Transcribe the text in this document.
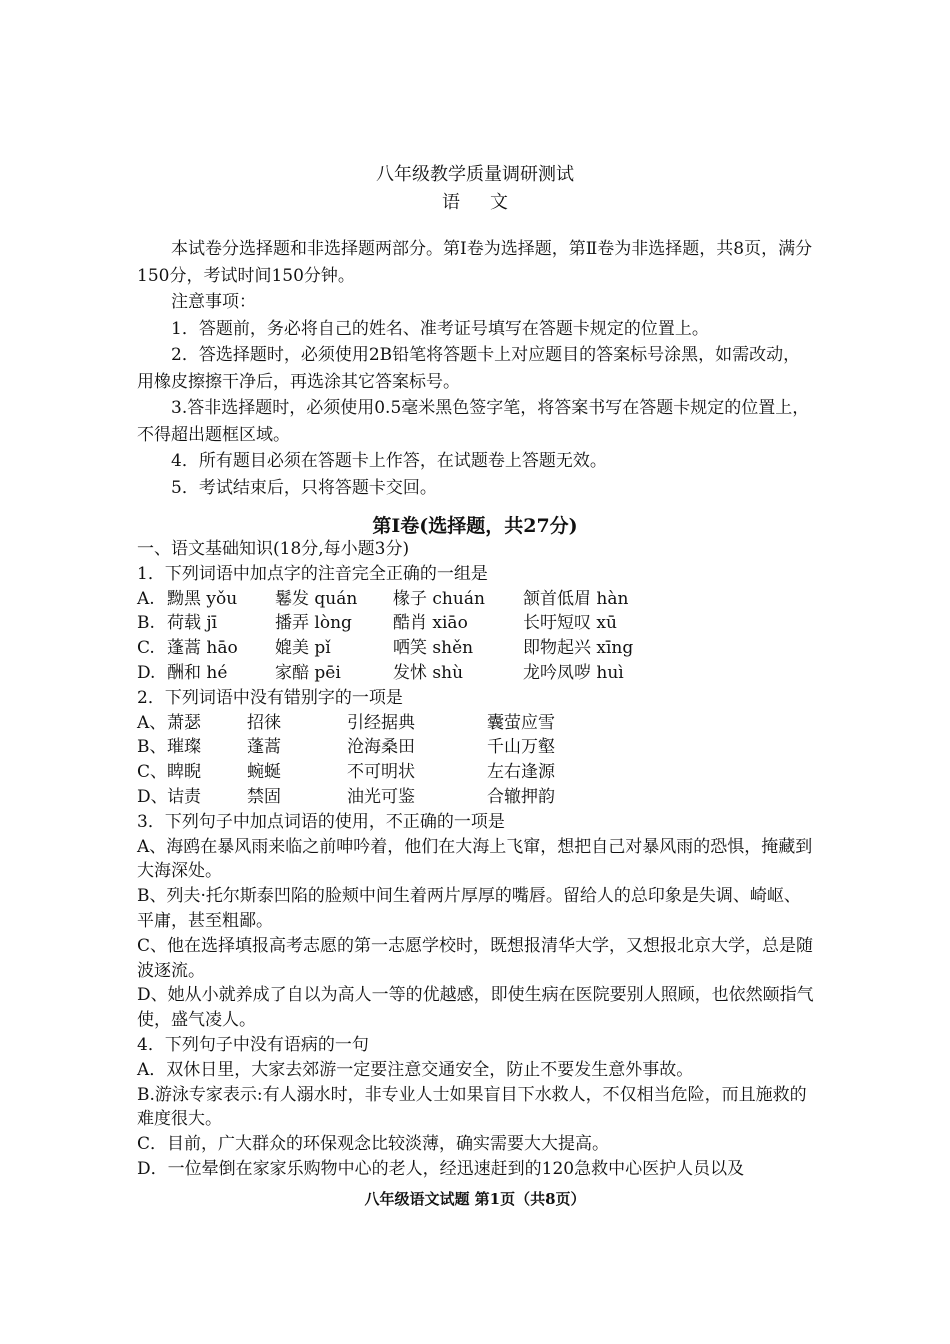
八年级教学质量调研测试
语文

本试卷分选择题和非选择题两部分。第Ⅰ卷为选择题，第Ⅱ卷为非选择题，共8页，满分150分，考试时间150分钟。

注意事项：

1．答题前，务必将自己的姓名、准考证号填写在答题卡规定的位置上。

2．答选择题时，必须使用2B铅笔将答题卡上对应题目的答案标号涂黑，如需改动，用橡皮擦擦干净后，再选涂其它答案标号。

3.答非选择题时，必须使用0.5毫米黑色签字笔，将答案书写在答题卡规定的位置上，不得超出题框区域。

4．所有题目必须在答题卡上作答，在试题卷上答题无效。

5．考试结束后，只将答题卡交回。

第Ⅰ卷(选择题，共27分)

一、语文基础知识(18分,每小题3分)

1．下列词语中加点字的注音完全正确的一组是

A. 黝黑 yǒu	鬈发 quán	椽子 chuán	颔首低眉 hàn

B. 荷载 jī	播弄 lòng	酷肖 xiāo	长吁短叹 xū

C. 蓬蒿 hāo	媲美 pǐ	哂笑 shěn	即物起兴 xīng

D. 酬和 hé	家醅 pēi	发怵 shù	龙吟凤哕 huì

2．下列词语中没有错别字的一项是

A、 萧瑟	招徕	引经据典	囊萤应雪

B、 璀璨	蓬蒿	沧海桑田	千山万壑

C、 睥睨	蜿蜒	不可明状	左右逢源

D、 诘责	禁固	油光可鉴	合辙押韵

3．下列句子中加点词语的使用，不正确的一项是

A、海鸥在暴风雨来临之前呻吟着，他们在大海上飞窜，想把自己对暴风雨的恐惧，掩藏到大海深处。

B、列夫·托尔斯泰凹陷的脸颊中间生着两片厚厚的嘴唇。留给人的总印象是失调、崎岖、平庸，甚至粗鄙。

C、他在选择填报高考志愿的第一志愿学校时，既想报清华大学，又想报北京大学，总是随波逐流。

D、她从小就养成了自以为高人一等的优越感，即使生病在医院要别人照顾，也依然颐指气使，盛气凌人。

4．下列句子中没有语病的一句

A．双休日里，大家去郊游一定要注意交通安全，防止不要发生意外事故。

B.游泳专家表示:有人溺水时，非专业人士如果盲目下水救人，不仅相当危险，而且施救的难度很大。

C．目前，广大群众的环保观念比较淡薄，确实需要大大提高。

D．一位晕倒在家家乐购物中心的老人，经迅速赶到的120急救中心医护人员以及

八年级语文试题 第1页（共8页）
